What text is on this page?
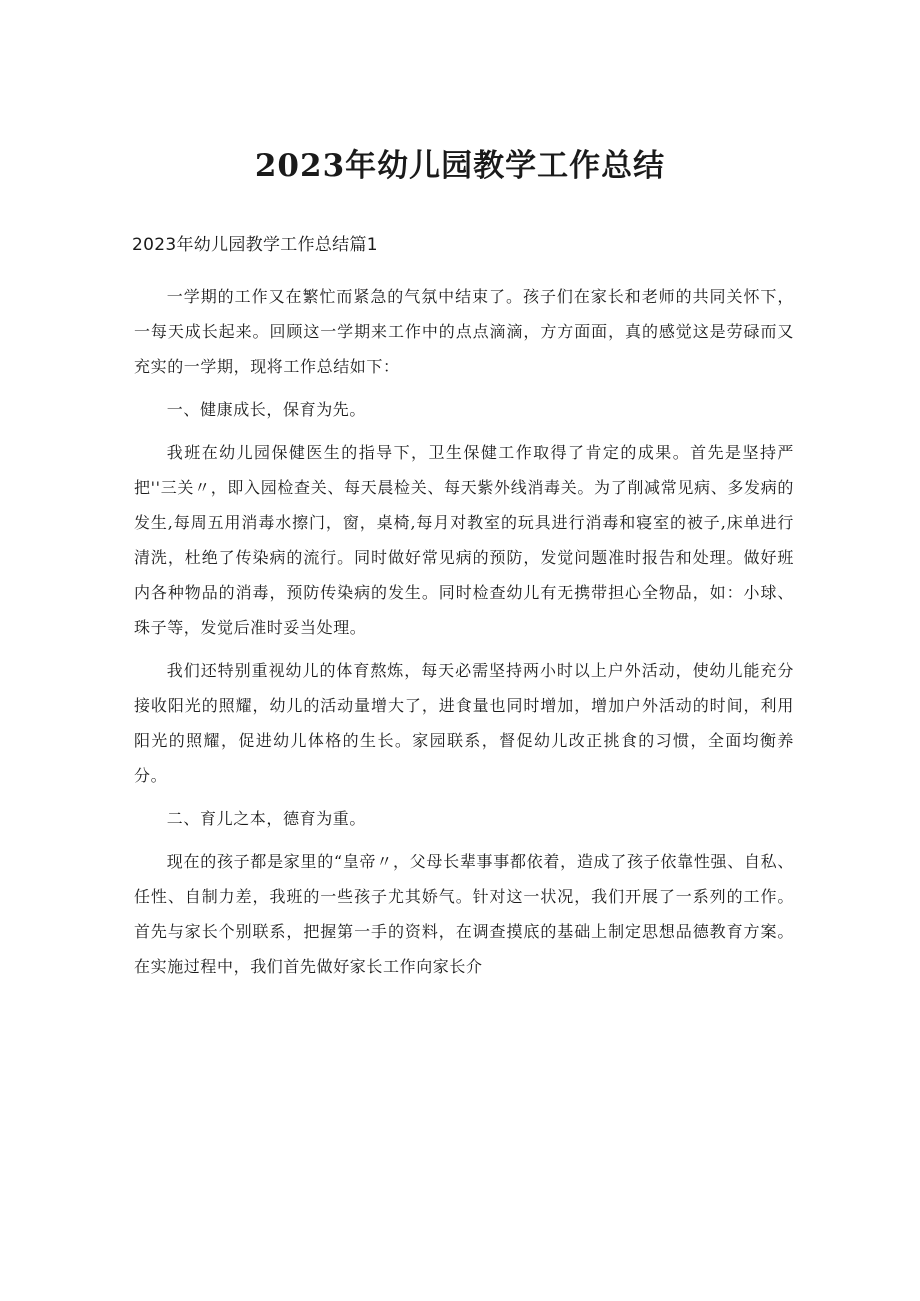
2023年幼儿园教学工作总结

2023年幼儿园教学工作总结篇1

一学期的工作又在繁忙而紧急的气氛中结束了。孩子们在家长和老师的共同关怀下，一每天成长起来。回顾这一学期来工作中的点点滴滴，方方面面，真的感觉这是劳碌而又充实的一学期，现将工作总结如下：

一、健康成长，保育为先。

我班在幼儿园保健医生的指导下，卫生保健工作取得了肯定的成果。首先是坚持严把''三关〃，即入园检查关、每天晨检关、每天紫外线消毒关。为了削减常见病、多发病的发生,每周五用消毒水擦门，窗，桌椅,每月对教室的玩具进行消毒和寝室的被子,床单进行清洗，杜绝了传染病的流行。同时做好常见病的预防，发觉问题准时报告和处理。做好班内各种物品的消毒，预防传染病的发生。同时检查幼儿有无携带担心全物品，如：小球、珠子等，发觉后准时妥当处理。

我们还特别重视幼儿的体育熬炼，每天必需坚持两小时以上户外活动，使幼儿能充分接收阳光的照耀，幼儿的活动量增大了，进食量也同时增加，增加户外活动的时间，利用阳光的照耀，促进幼儿体格的生长。家园联系，督促幼儿改正挑食的习惯，全面均衡养分。

二、育儿之本，德育为重。

现在的孩子都是家里的“皇帝〃，父母长辈事事都依着，造成了孩子依靠性强、自私、任性、自制力差，我班的一些孩子尤其娇气。针对这一状况，我们开展了一系列的工作。首先与家长个别联系，把握第一手的资料，在调查摸底的基础上制定思想品德教育方案。在实施过程中，我们首先做好家长工作向家长介
